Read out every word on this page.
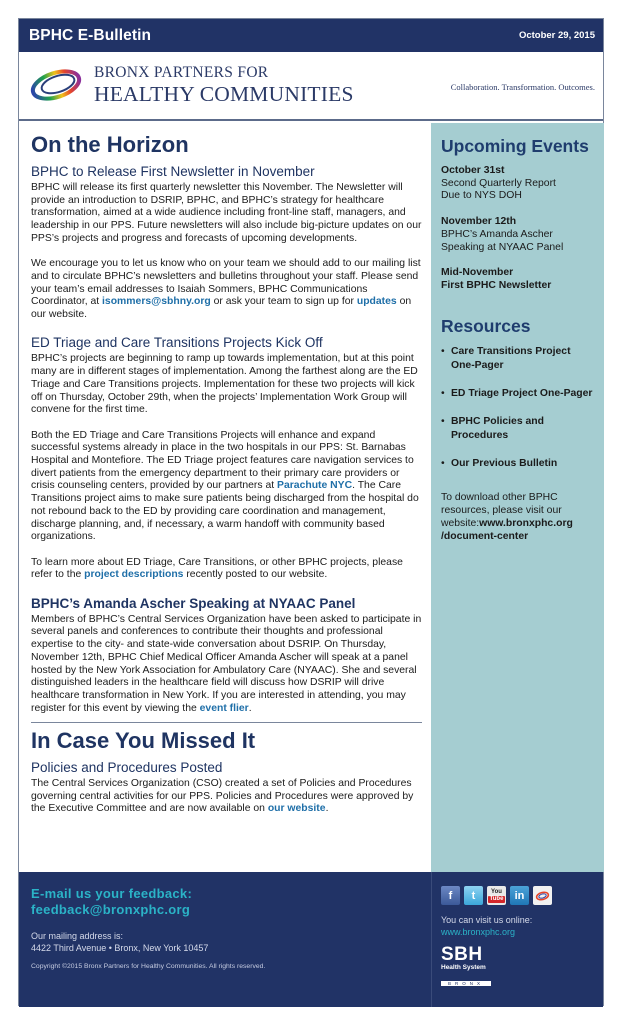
BPHC E-Bulletin	October 29, 2015
BRONX PARTNERS FOR
HEALTHY COMMUNITIES	Collaboration. Transformation. Outcomes.
On the Horizon
BPHC to Release First Newsletter in November

BPHC will release its first quarterly newsletter this November. The Newsletter will provide an introduction to DSRIP, BPHC, and BPHC’s strategy for healthcare transformation, aimed at a wide audience including front-line staff, managers, and leadership in our PPS. Future newsletters will also include big-picture updates on our PPS’s projects and progress and forecasts of upcoming developments.

We encourage you to let us know who on your team we should add to our mailing list and to circulate BPHC’s newsletters and bulletins throughout your staff. Please send your team’s email addresses to Isaiah Sommers, BPHC Communications Coordinator, at isommers@sbhny.org or ask your team to sign up for updates on our website.

ED Triage and Care Transitions Projects Kick Off

BPHC’s projects are beginning to ramp up towards implementation, but at this point many are in different stages of implementation. Among the farthest along are the ED Triage and Care Transitions projects. Implementation for these two projects will kick off on Thursday, October 29th, when the projects’ Implementation Work Group will convene for the first time.

Both the ED Triage and Care Transitions Projects will enhance and expand successful systems already in place in the two hospitals in our PPS: St. Barnabas Hospital and Montefiore. The ED Triage project features care navigation services to divert patients from the emergency department to their primary care providers or crisis counseling centers, provided by our partners at Parachute NYC. The Care Transitions project aims to make sure patients being discharged from the hospital do not rebound back to the ED by providing care coordination and management, discharge planning, and, if necessary, a warm handoff with community based organizations.

To learn more about ED Triage, Care Transitions, or other BPHC projects, please refer to the project descriptions recently posted to our website.

BPHC’s Amanda Ascher Speaking at NYAAC Panel

Members of BPHC’s Central Services Organization have been asked to participate in several panels and conferences to contribute their thoughts and professional expertise to the city- and state-wide conversation about DSRIP. On Thursday, November 12th, BPHC Chief Medical Officer Amanda Ascher will speak at a panel hosted by the New York Association for Ambulatory Care (NYAAC). She and several distinguished leaders in the healthcare field will discuss how DSRIP will drive healthcare transformation in New York. If you are interested in attending, you may register for this event by viewing the event flier.

In Case You Missed It
Policies and Procedures Posted

The Central Services Organization (CSO) created a set of Policies and Procedures governing central activities for our PPS. Policies and Procedures were approved by the Executive Committee and are now available on our website.

Upcoming Events
October 31st
Second Quarterly Report
Due to NYS DOH
November 12th
BPHC’s Amanda Ascher
Speaking at NYAAC Panel
Mid-November
First BPHC Newsletter
Resources
• Care Transitions Project One-Pager
• ED Triage Project One-Pager
• BPHC Policies and Procedures
• Our Previous Bulletin
To download other BPHC resources, please visit our website:www.bronxphc.org /document-center
E-mail us your feedback:
feedback@bronxphc.org
Our mailing address is:
4422 Third Avenue • Bronx, New York 10457
Copyright ©2015 Bronx Partners for Healthy Communities. All rights reserved.
f	t	You
Tube	in
You can visit us online:
www.bronxphc.org
SBH
Health System
BRONX
